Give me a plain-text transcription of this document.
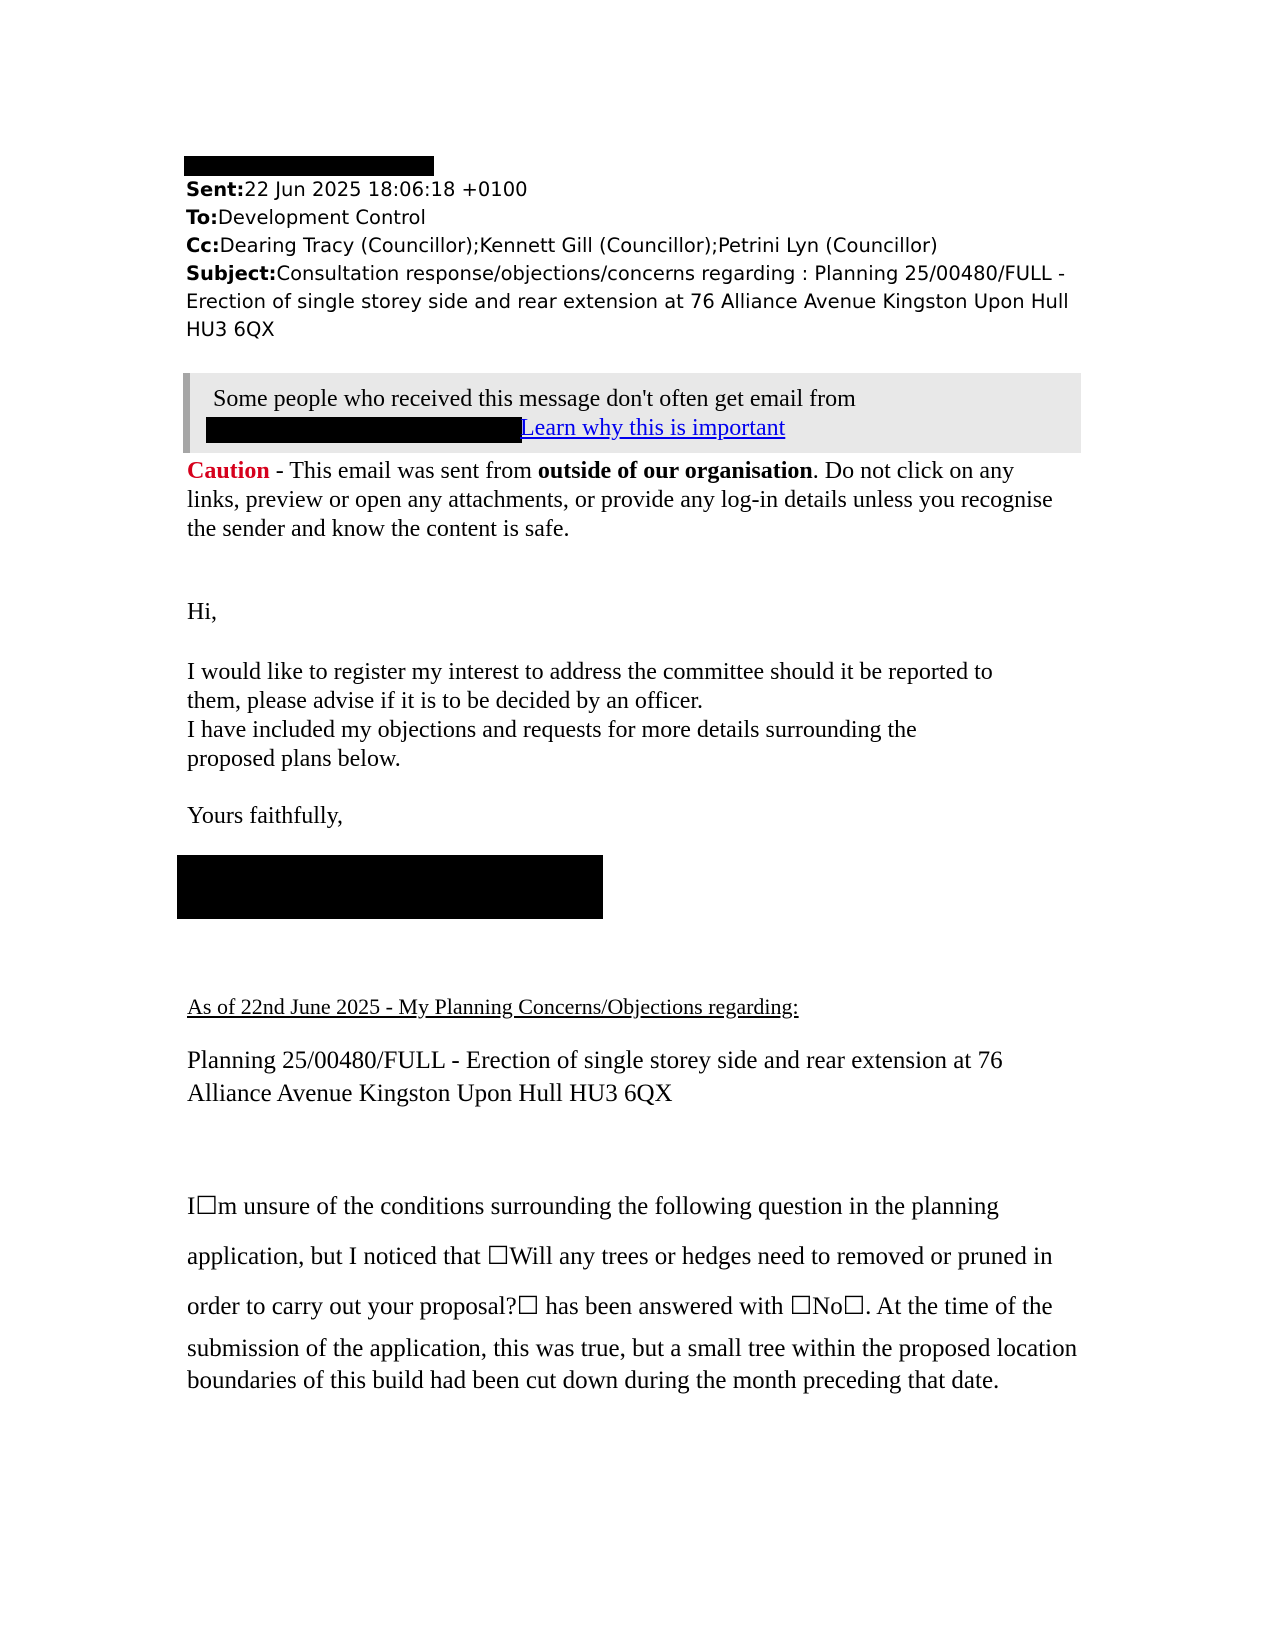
Sent:22 Jun 2025 18:06:18 +0100
To:Development Control
Cc:Dearing Tracy (Councillor);Kennett Gill (Councillor);Petrini Lyn (Councillor)
Subject:Consultation response/objections/concerns regarding : Planning 25/00480/FULL - Erection of single storey side and rear extension at 76 Alliance Avenue Kingston Upon Hull HU3 6QX
Some people who received this message don't often get email from
Learn why this is important
Caution - This email was sent from outside of our organisation. Do not click on any links, preview or open any attachments, or provide any log-in details unless you recognise the sender and know the content is safe.
Hi,
I would like to register my interest to address the committee should it be reported to
them, please advise if it is to be decided by an officer.
I have included my objections and requests for more details surrounding the
proposed plans below.
Yours faithfully,
As of 22nd June 2025 - My Planning Concerns/Objections regarding:
Planning 25/00480/FULL - Erection of single storey side and rear extension at 76 Alliance Avenue Kingston Upon Hull HU3 6QX
I☐m unsure of the conditions surrounding the following question in the planning
application, but I noticed that ☐Will any trees or hedges need to removed or pruned in
order to carry out your proposal?☐ has been answered with ☐No☐. At the time of the
submission of the application, this was true, but a small tree within the proposed location
boundaries of this build had been cut down during the month preceding that date.
